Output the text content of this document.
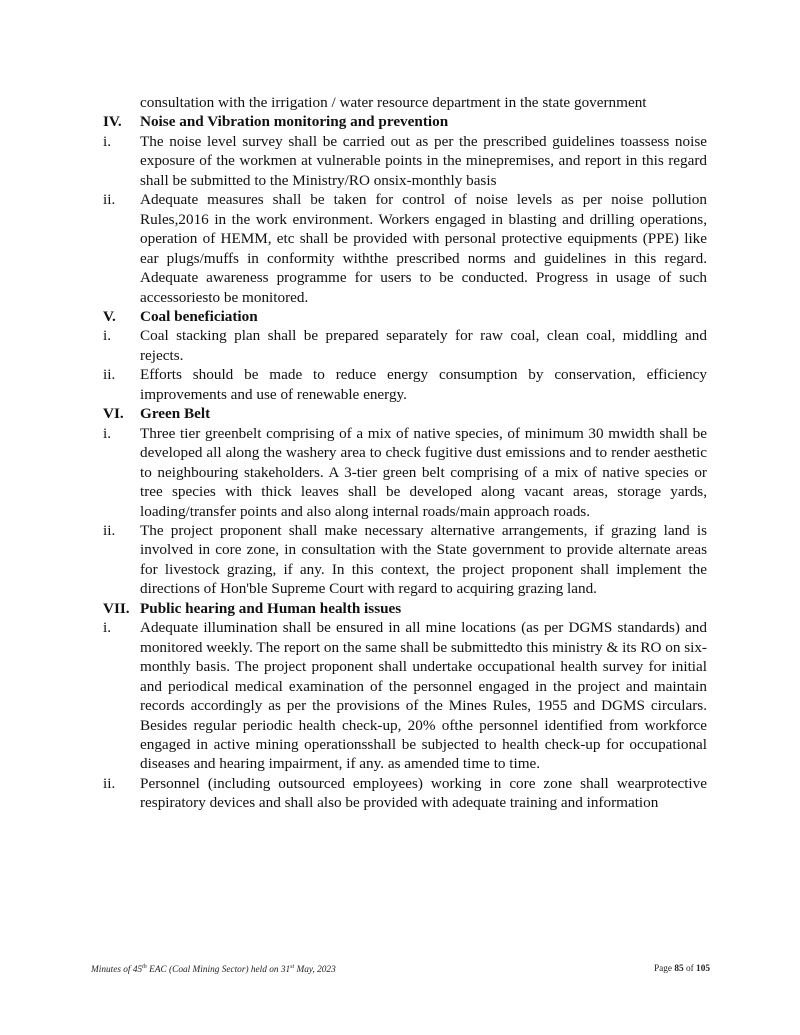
consultation with the irrigation / water resource department in the state government
IV.	Noise and Vibration monitoring and prevention
i.	The noise level survey shall be carried out as per the prescribed guidelines toassess noise exposure of the workmen at vulnerable points in the minepremises, and report in this regard shall be submitted to the Ministry/RO onsix-monthly basis
ii.	Adequate measures shall be taken for control of noise levels as per noise pollution Rules,2016 in the work environment. Workers engaged in blasting and drilling operations, operation of HEMM, etc shall be provided with personal protective equipments (PPE) like ear plugs/muffs in conformity withthe prescribed norms and guidelines in this regard. Adequate awareness programme for users to be conducted. Progress in usage of such accessoriesto be monitored.
V.	Coal beneficiation
i.	Coal stacking plan shall be prepared separately for raw coal, clean coal, middling and rejects.
ii.	Efforts should be made to reduce energy consumption by conservation, efficiency improvements and use of renewable energy.
VI.	Green Belt
i.	Three tier greenbelt comprising of a mix of native species, of minimum 30 mwidth shall be developed all along the washery area to check fugitive dust emissions and to render aesthetic to neighbouring stakeholders. A 3-tier green belt comprising of a mix of native species or tree species with thick leaves shall be developed along vacant areas, storage yards, loading/transfer points and also along internal roads/main approach roads.
ii.	The project proponent shall make necessary alternative arrangements, if grazing land is involved in core zone, in consultation with the State government to provide alternate areas for livestock grazing, if any. In this context, the project proponent shall implement the directions of Hon'ble Supreme Court with regard to acquiring grazing land.
VII. Public hearing and Human health issues
i.	Adequate illumination shall be ensured in all mine locations (as per DGMS standards) and monitored weekly. The report on the same shall be submittedto this ministry & its RO on six-monthly basis. The project proponent shall undertake occupational health survey for initial and periodical medical examination of the personnel engaged in the project and maintain records accordingly as per the provisions of the Mines Rules, 1955 and DGMS circulars. Besides regular periodic health check-up, 20% ofthe personnel identified from workforce engaged in active mining operationsshall be subjected to health check-up for occupational diseases and hearing impairment, if any. as amended time to time.
ii.	Personnel (including outsourced employees) working in core zone shall wearprotective respiratory devices and shall also be provided with adequate training and information
Minutes of 45th EAC (Coal Mining Sector) held on 31st May, 2023	Page 85 of 105
